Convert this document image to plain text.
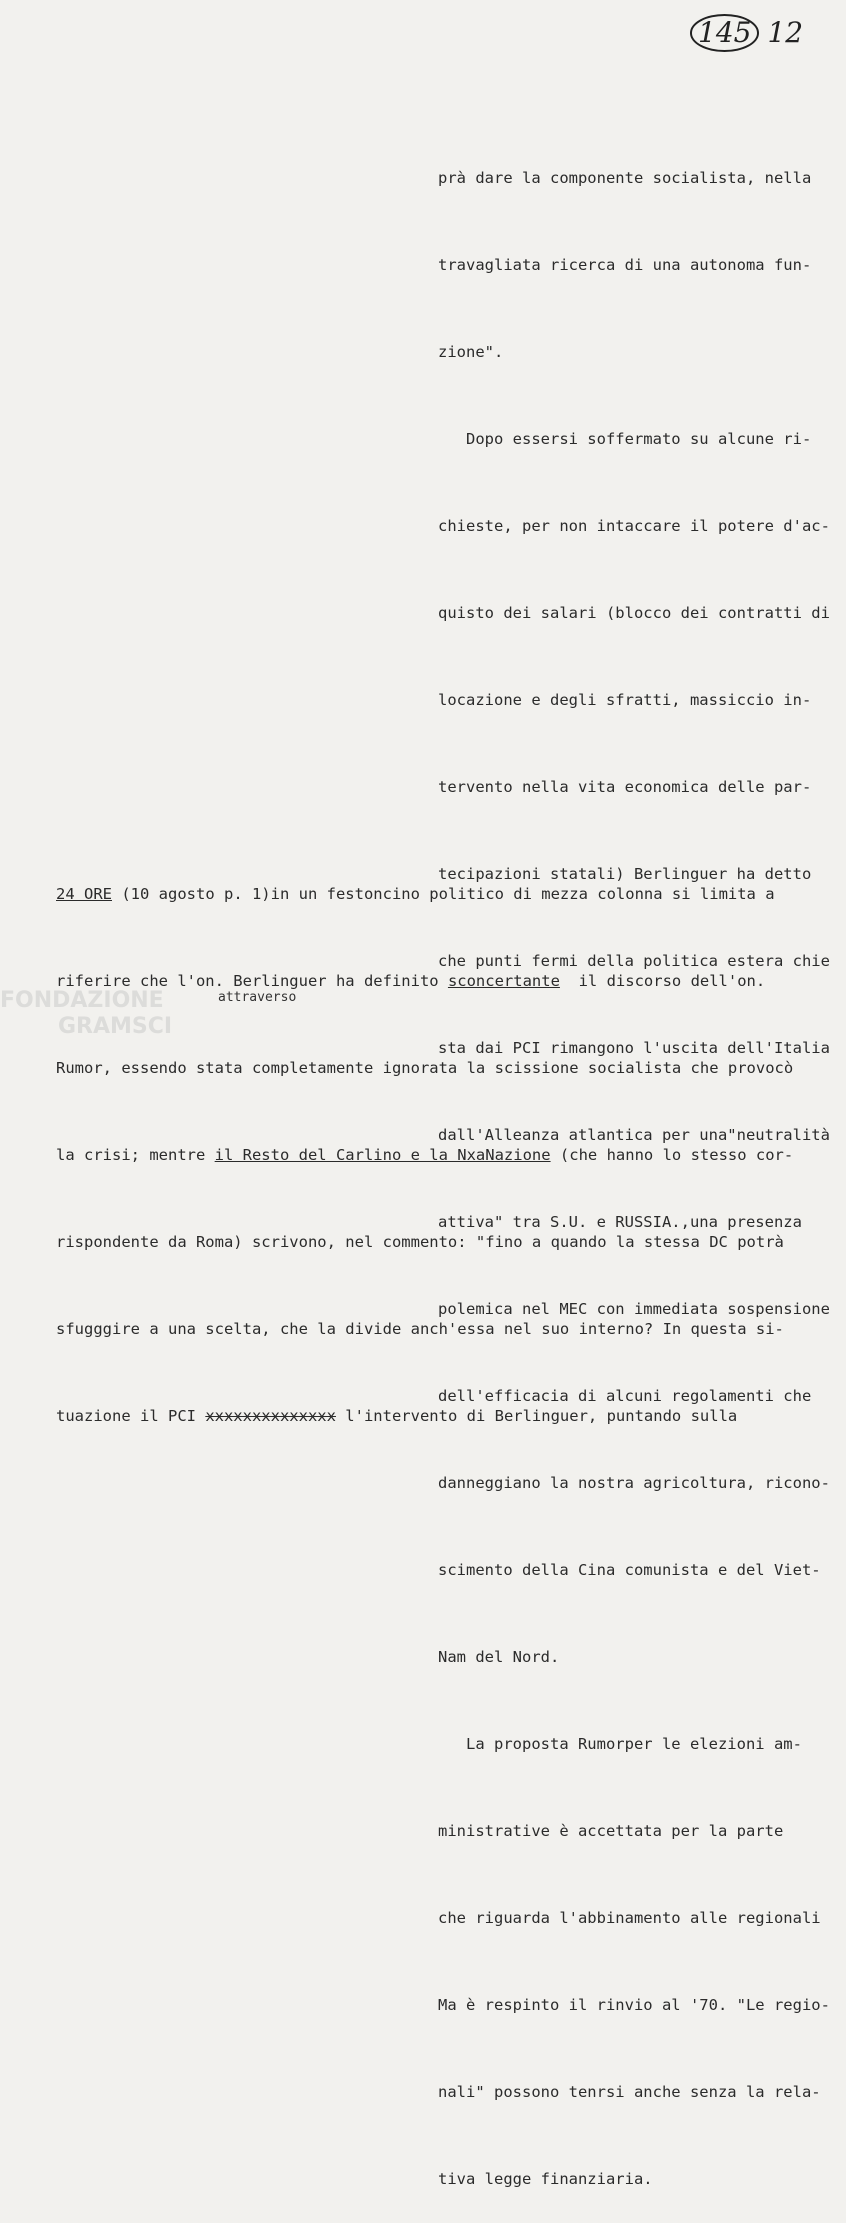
145 12

prà dare la componente socialista, nella

travagliata ricerca di una autonoma fun-

zione".

Dopo essersi soffermato su alcune ri-

chieste, per non intaccare il potere d'ac-

quisto dei salari (blocco dei contratti di

locazione e degli sfratti, massiccio in-

tervento nella vita economica delle par-

tecipazioni statali) Berlinguer ha detto

che punti fermi della politica estera chie

sta dai PCI rimangono l'uscita dell'Italia

dall'Alleanza atlantica per una"neutralità

attiva" tra S.U. e RUSSIA.,una presenza

polemica nel MEC con immediata sospensione

dell'efficacia di alcuni regolamenti che

danneggiano la nostra agricoltura, ricono-

scimento della Cina comunista e del Viet-

Nam del Nord.

La proposta Rumorper le elezioni am-

ministrative è accettata per la parte

che riguarda l'abbinamento alle regionali

Ma è respinto il rinvio al '70. "Le regio-

nali" possono tenrsi anche senza la rela-

tiva legge finanziaria.

24 ORE (10 agosto p. 1)in un festoncino politico di mezza colonna si limita a

riferire che l'on. Berlinguer ha definito sconcertante  il discorso dell'on.

Rumor, essendo stata completamente ignorata la scissione socialista che provocò

la crisi; mentre il Resto del Carlino e la NxaNazione (che hanno lo stesso cor-

rispondente da Roma) scrivono, nel commento: "fino a quando la stessa DC potrà

sfugggire a una scelta, che la divide anch'essa nel suo interno? In questa si-

tuazione il PCI xxxxxxxxxxxxxx l'intervento di Berlinguer, puntando sulla

attraverso
FONDAZIONE
GRAMSCI
